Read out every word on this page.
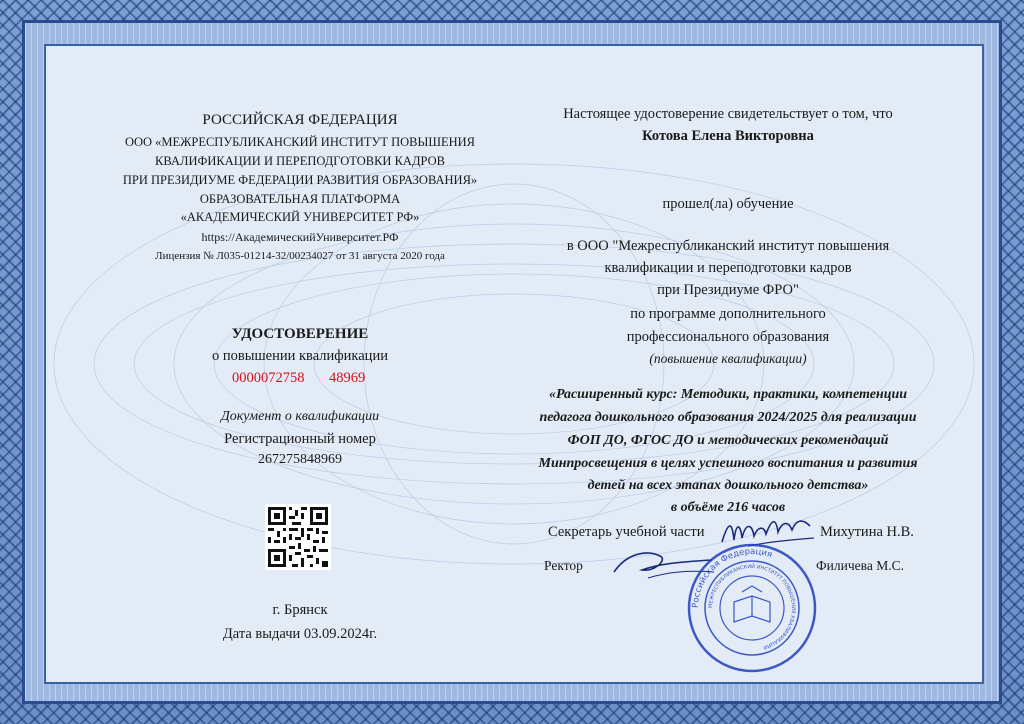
РОССИЙСКАЯ ФЕДЕРАЦИЯ
ООО «МЕЖРЕСПУБЛИКАНСКИЙ ИНСТИТУТ ПОВЫШЕНИЯ
КВАЛИФИКАЦИИ И ПЕРЕПОДГОТОВКИ КАДРОВ
ПРИ ПРЕЗИДИУМЕ ФЕДЕРАЦИИ РАЗВИТИЯ ОБРАЗОВАНИЯ»
ОБРАЗОВАТЕЛЬНАЯ ПЛАТФОРМА
«АКАДЕМИЧЕСКИЙ УНИВЕРСИТЕТ РФ»
https://АкадемическийУниверситет.РФ
Лицензия № Л035-01214-32/00234027 от 31 августа 2020 года
УДОСТОВЕРЕНИЕ
о повышении квалификации
0000072758 48969
Документ о квалификации
Регистрационный номер
267275848969
г. Брянск
Дата выдачи 03.09.2024г.
Настоящее удостоверение свидетельствует о том, что
Котова Елена Викторовна
прошел(ла) обучение
в ООО "Межреспубликанский институт повышения
квалификации и переподготовки кадров
при Президиуме ФРО"
по программе дополнительного
профессионального образования
(повышение квалификации)
«Расширенный курс: Методики, практики, компетенции
педагога дошкольного образования 2024/2025 для реализации
ФОП ДО, ФГОС ДО и методических рекомендаций
Минпросвещения в целях успешного воспитания и развития
детей на всех этапах дошкольного детства»
в объёме 216 часов
Секретарь учебной части	Михутина Н.В.
Ректор	Филичева М.С.
Российская Федерация
МЕЖРЕСПУБЛИКАНСКИЙ ИНСТИТУТ ПОВЫШЕНИЯ КВАЛИФИКАЦИИ
